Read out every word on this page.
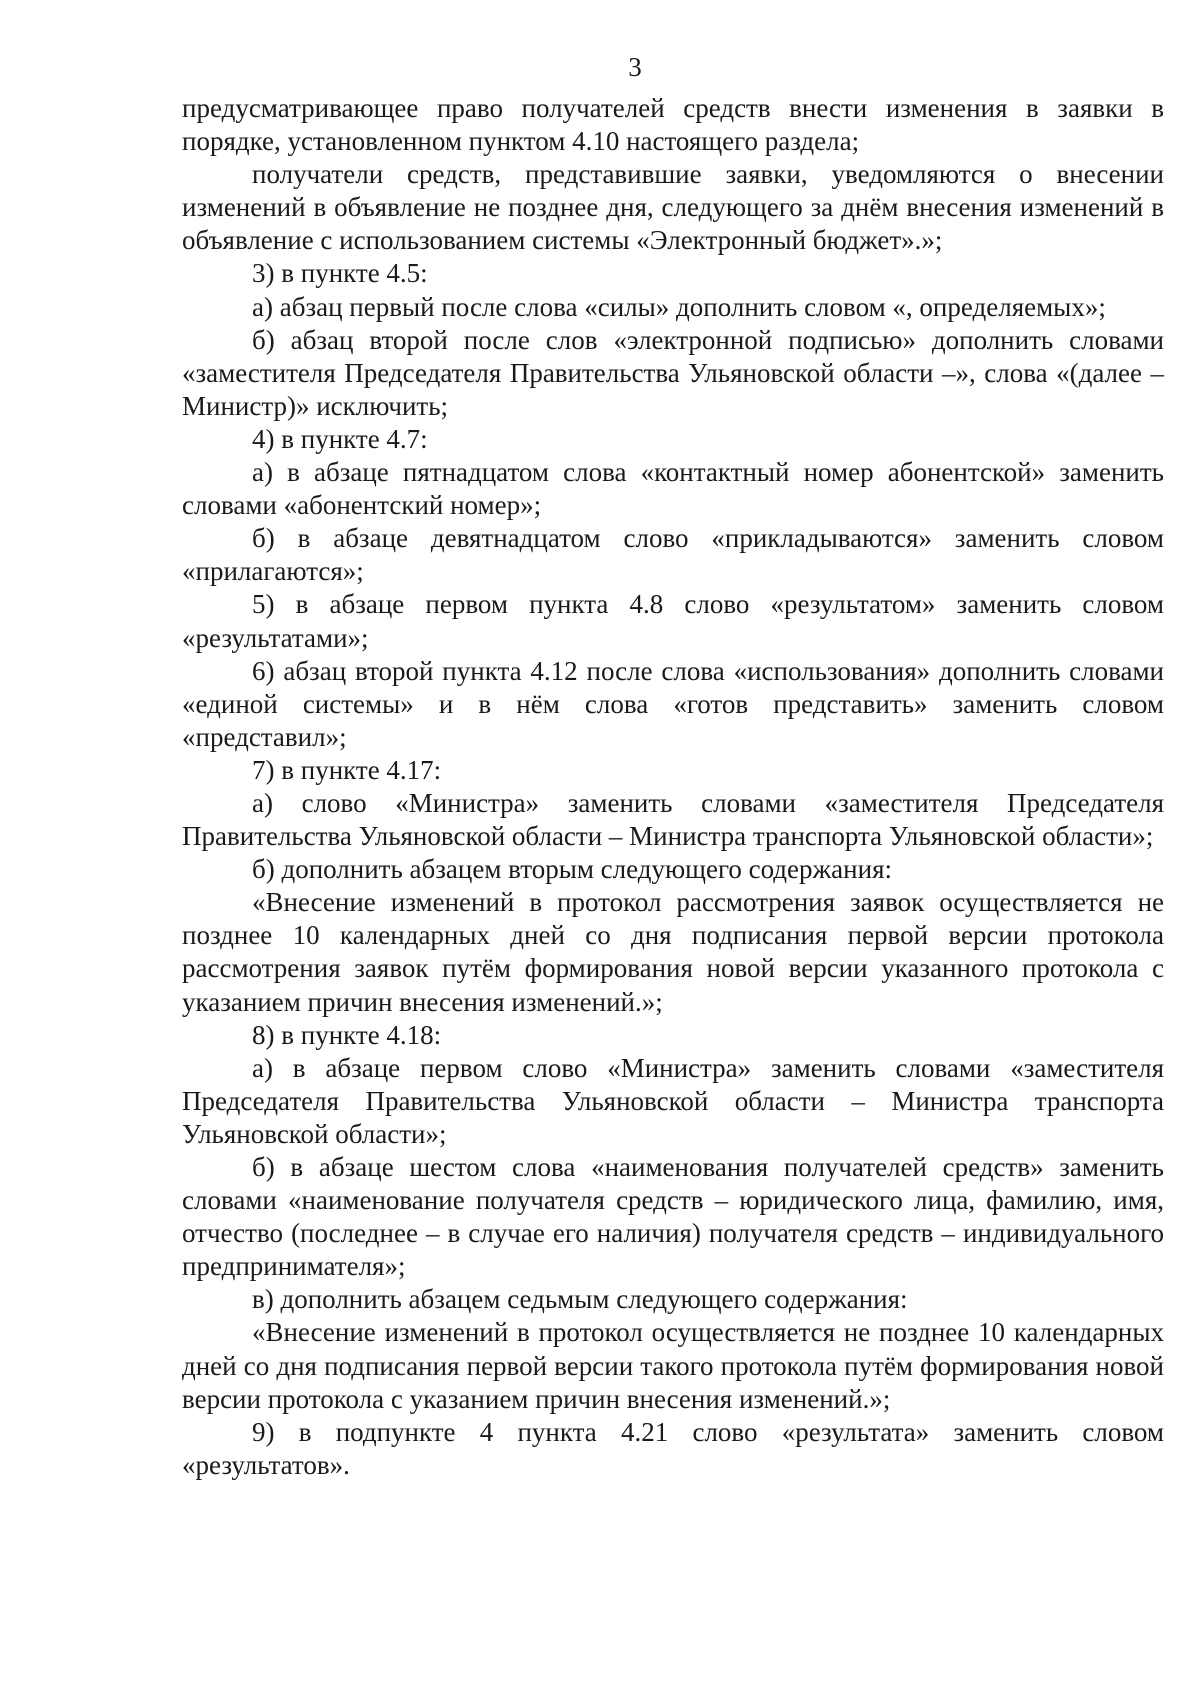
3

предусматривающее право получателей средств внести изменения в заявки в порядке, установленном пунктом 4.10 настоящего раздела;

получатели средств, представившие заявки, уведомляются о внесении изменений в объявление не позднее дня, следующего за днём внесения изменений в объявление с использованием системы «Электронный бюджет».»;

3) в пункте 4.5:

а) абзац первый после слова «силы» дополнить словом «, определяемых»;

б) абзац второй после слов «электронной подписью» дополнить словами «заместителя Председателя Правительства Ульяновской области –», слова «(далее – Министр)» исключить;

4) в пункте 4.7:

а) в абзаце пятнадцатом слова «контактный номер абонентской» заменить словами «абонентский номер»;

б) в абзаце девятнадцатом слово «прикладываются» заменить словом «прилагаются»;

5) в абзаце первом пункта 4.8 слово «результатом» заменить словом «результатами»;

6) абзац второй пункта 4.12 после слова «использования» дополнить словами «единой системы» и в нём слова «готов представить» заменить словом «представил»;

7) в пункте 4.17:

а) слово «Министра» заменить словами «заместителя Председателя Правительства Ульяновской области – Министра транспорта Ульяновской области»;

б) дополнить абзацем вторым следующего содержания:

«Внесение изменений в протокол рассмотрения заявок осуществляется не позднее 10 календарных дней со дня подписания первой версии протокола рассмотрения заявок путём формирования новой версии указанного протокола с указанием причин внесения изменений.»;

8) в пункте 4.18:

а) в абзаце первом слово «Министра» заменить словами «заместителя Председателя Правительства Ульяновской области – Министра транспорта Ульяновской области»;

б) в абзаце шестом слова «наименования получателей средств» заменить словами «наименование получателя средств – юридического лица, фамилию, имя, отчество (последнее – в случае его наличия) получателя средств – индивидуального предпринимателя»;

в) дополнить абзацем седьмым следующего содержания:

«Внесение изменений в протокол осуществляется не позднее 10 календарных дней со дня подписания первой версии такого протокола путём формирования новой версии протокола с указанием причин внесения изменений.»;

9) в подпункте 4 пункта 4.21 слово «результата» заменить словом «результатов».
